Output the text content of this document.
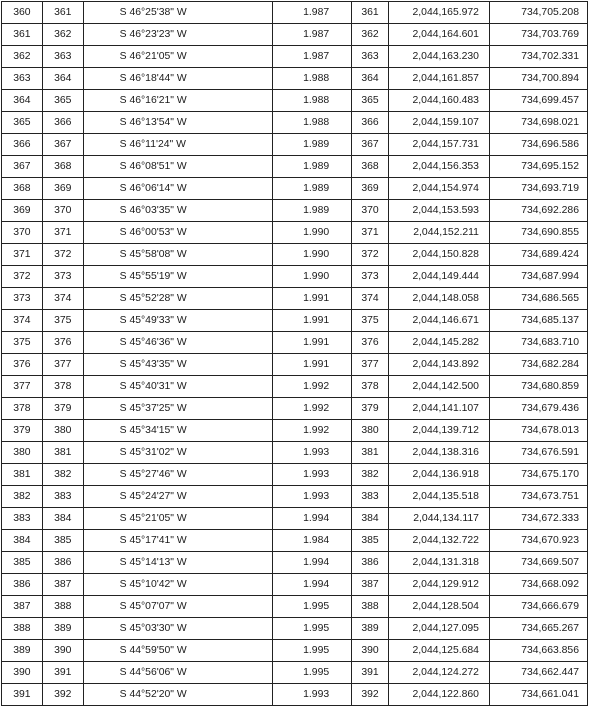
360	361	S 46°25'38" W	1.987	361	2,044,165.972	734,705.208

361	362	S 46°23'23" W	1.987	362	2,044,164.601	734,703.769

362	363	S 46°21'05" W	1.987	363	2,044,163.230	734,702.331

363	364	S 46°18'44" W	1.988	364	2,044,161.857	734,700.894

364	365	S 46°16'21" W	1.988	365	2,044,160.483	734,699.457

365	366	S 46°13'54" W	1.988	366	2,044,159.107	734,698.021

366	367	S 46°11'24" W	1.989	367	2,044,157.731	734,696.586

367	368	S 46°08'51" W	1.989	368	2,044,156.353	734,695.152

368	369	S 46°06'14" W	1.989	369	2,044,154.974	734,693.719

369	370	S 46°03'35" W	1.989	370	2,044,153.593	734,692.286

370	371	S 46°00'53" W	1.990	371	2,044,152.211	734,690.855

371	372	S 45°58'08" W	1.990	372	2,044,150.828	734,689.424

372	373	S 45°55'19" W	1.990	373	2,044,149.444	734,687.994

373	374	S 45°52'28" W	1.991	374	2,044,148.058	734,686.565

374	375	S 45°49'33" W	1.991	375	2,044,146.671	734,685.137

375	376	S 45°46'36" W	1.991	376	2,044,145.282	734,683.710

376	377	S 45°43'35" W	1.991	377	2,044,143.892	734,682.284

377	378	S 45°40'31" W	1.992	378	2,044,142.500	734,680.859

378	379	S 45°37'25" W	1.992	379	2,044,141.107	734,679.436

379	380	S 45°34'15" W	1.992	380	2,044,139.712	734,678.013

380	381	S 45°31'02" W	1.993	381	2,044,138.316	734,676.591

381	382	S 45°27'46" W	1.993	382	2,044,136.918	734,675.170

382	383	S 45°24'27" W	1.993	383	2,044,135.518	734,673.751

383	384	S 45°21'05" W	1.994	384	2,044,134.117	734,672.333

384	385	S 45°17'41" W	1.984	385	2,044,132.722	734,670.923

385	386	S 45°14'13" W	1.994	386	2,044,131.318	734,669.507

386	387	S 45°10'42" W	1.994	387	2,044,129.912	734,668.092

387	388	S 45°07'07" W	1.995	388	2,044,128.504	734,666.679

388	389	S 45°03'30" W	1.995	389	2,044,127.095	734,665.267

389	390	S 44°59'50" W	1.995	390	2,044,125.684	734,663.856

390	391	S 44°56'06" W	1.995	391	2,044,124.272	734,662.447

391	392	S 44°52'20" W	1.993	392	2,044,122.860	734,661.041
